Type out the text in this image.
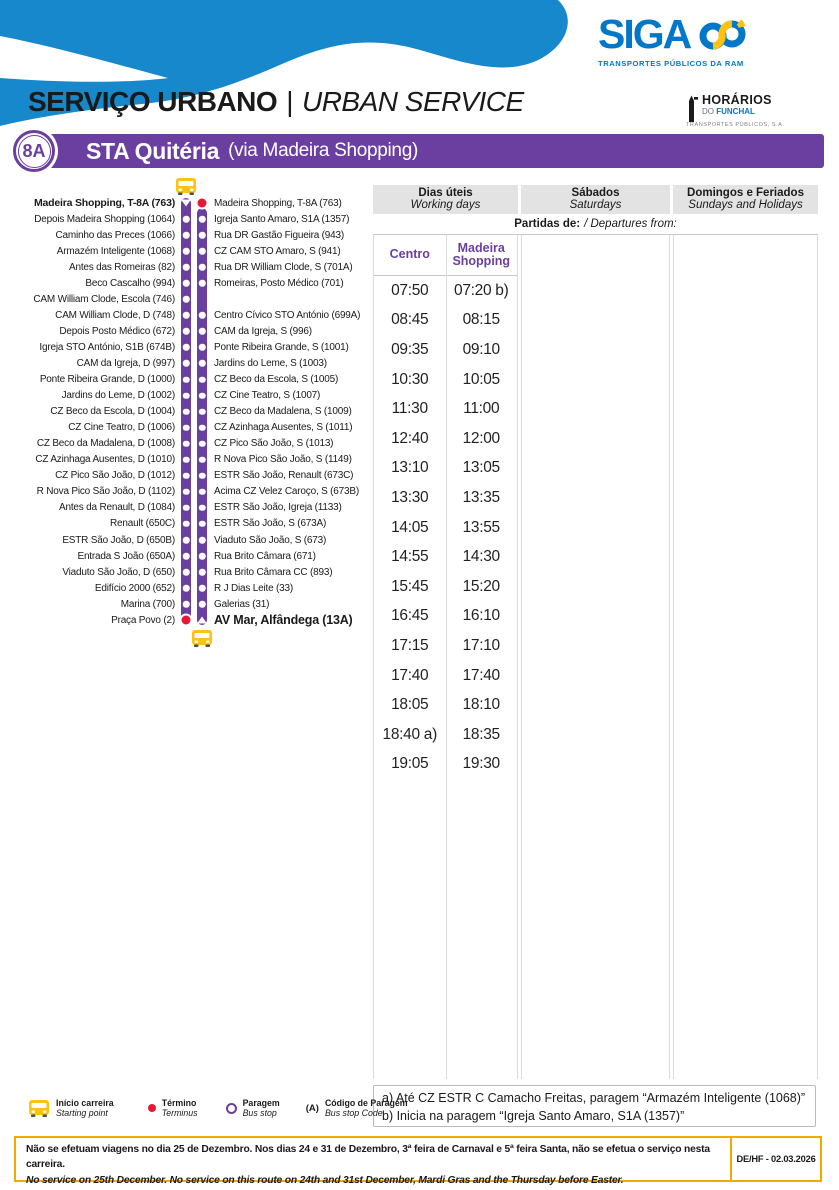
SIGA
TRANSPORTES PÚBLICOS DA RAM
SERVIÇO URBANO | URBAN SERVICE	HORÁRIOS
DO FUNCHAL
TRANSPORTES PÚBLICOS, S.A.
STA Quitéria (via Madeira Shopping)
8A
Madeira Shopping, T-8A (763)	Madeira Shopping, T-8A (763)
Depois Madeira Shopping (1064)	Igreja Santo Amaro, S1A (1357)
Caminho das Preces (1066)	Rua DR Gastão Figueira (943)
Armazém Inteligente (1068)	CZ CAM STO Amaro, S (941)
Antes das Romeiras (82)	Rua DR William Clode, S (701A)
Beco Cascalho (994)	Romeiras, Posto Médico (701)
CAM William Clode, Escola (746)
CAM William Clode, D (748)	Centro Cívico STO António (699A)
Depois Posto Médico (672)	CAM da Igreja, S (996)
Igreja STO António, S1B (674B)	Ponte Ribeira Grande, S (1001)
CAM da Igreja, D (997)	Jardins do Leme, S (1003)
Ponte Ribeira Grande, D (1000)	CZ Beco da Escola, S (1005)
Jardins do Leme, D (1002)	CZ Cine Teatro, S (1007)
CZ Beco da Escola, D (1004)	CZ Beco da Madalena, S (1009)
CZ Cine Teatro, D (1006)	CZ Azinhaga Ausentes, S (1011)
CZ Beco da Madalena, D (1008)	CZ Pico São João, S (1013)
CZ Azinhaga Ausentes, D (1010)	R Nova Pico São João, S (1149)
CZ Pico São João, D (1012)	ESTR São João, Renault (673C)
R Nova Pico São João, D (1102)	Acima CZ Velez Caroço, S (673B)
Antes da Renault, D (1084)	ESTR São João, Igreja (1133)
Renault (650C)	ESTR São João, S (673A)
ESTR São João, D (650B)	Viaduto São João, S (673)
Entrada S João (650A)	Rua Brito Câmara (671)
Viaduto São João, D (650)	Rua Brito Câmara CC (893)
Edifício 2000 (652)	R J Dias Leite (33)
Marina (700)	Galerias (31)
Praça Povo (2)	AV Mar, Alfândega (13A)
Dias úteis
Working days
Sábados
Saturdays
Domingos e Feriados
Sundays and Holidays
Partidas de: / Departures from:
Centro	Madeira Shopping
07:50	07:20 b)
08:45	08:15
09:35	09:10
10:30	10:05
11:30	11:00
12:40	12:00
13:10	13:05
13:30	13:35
14:05	13:55
14:55	14:30
15:45	15:20
16:45	16:10
17:15	17:10
17:40	17:40
18:05	18:10
18:40 a)	18:35
19:05	19:30
a) Até CZ ESTR C Camacho Freitas, paragem “Armazém Inteligente (1068)”
b) Inicia na paragem “Igreja Santo Amaro, S1A (1357)”
Início carreira
Starting point
Término
Terminus
Paragem
Bus stop	(A) Código de Paragem
Bus stop Code
Não se efetuam viagens no dia 25 de Dezembro. Nos dias 24 e 31 de Dezembro, 3ª feira de Carnaval e 5ª feira Santa, não se efetua o serviço nesta carreira.
No service on 25th December. No service on this route on 24th and 31st December, Mardi Gras and the Thursday before Easter.
DE/HF - 02.03.2026
